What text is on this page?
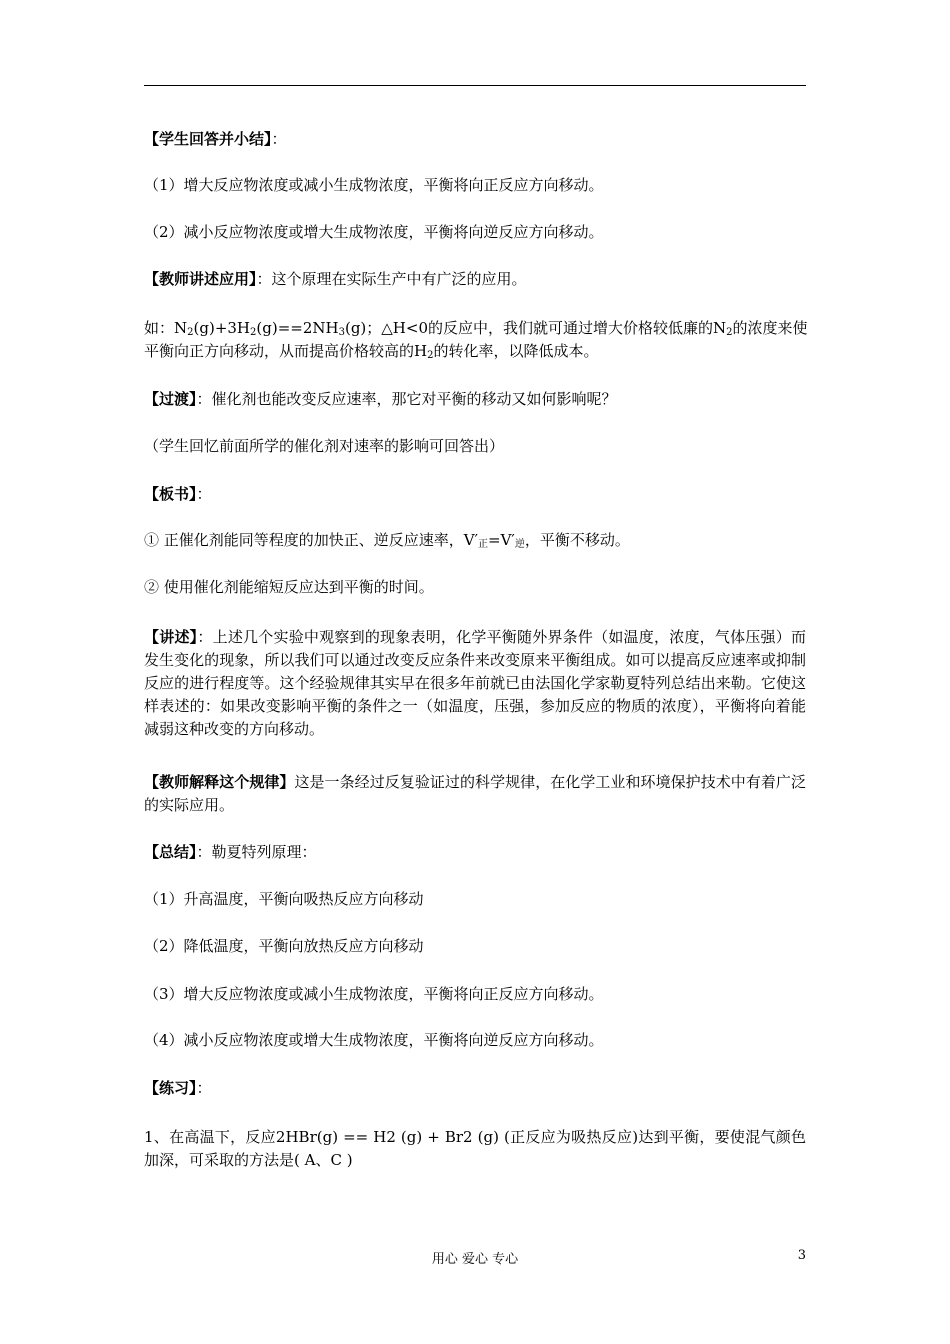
【学生回答并小结】：
（1）增大反应物浓度或减小生成物浓度，平衡将向正反应方向移动。
（2）减小反应物浓度或增大生成物浓度，平衡将向逆反应方向移动。
【教师讲述应用】：这个原理在实际生产中有广泛的应用。
如：$N_2(g)+3H_2(g)==2NH_3(g)$；△H<0的反应中，我们就可通过增大价格较低廉的$N_2$的浓度来使
平衡向正方向移动，从而提高价格较高的$H_2$的转化率，以降低成本。
【过渡】：催化剂也能改变反应速率，那它对平衡的移动又如何影响呢？
（学生回忆前面所学的催化剂对速率的影响可回答出）
【板书】：
① 正催化剂能同等程度的加快正、逆反应速率，$V'_正=V'_逆$，平衡不移动。
② 使用催化剂能缩短反应达到平衡的时间。
【讲述】：上述几个实验中观察到的现象表明，化学平衡随外界条件（如温度，浓度，气体压强）而发生变化的现象，所以我们可以通过改变反应条件来改变原来平衡组成。如可以提高反应速率或抑制反应的进行程度等。这个经验规律其实早在很多年前就已由法国化学家勒夏特列总结出来勒。它使这样表述的：如果改变影响平衡的条件之一（如温度，压强，参加反应的物质的浓度），平衡将向着能减弱这种改变的方向移动。
【教师解释这个规律】这是一条经过反复验证过的科学规律，在化学工业和环境保护技术中有着广泛的实际应用。
【总结】：勒夏特列原理：
（1）升高温度，平衡向吸热反应方向移动
（2）降低温度，平衡向放热反应方向移动
（3）增大反应物浓度或减小生成物浓度，平衡将向正反应方向移动。
（4）减小反应物浓度或增大生成物浓度，平衡将向逆反应方向移动。
【练习】：
1、在高温下，反应2HBr(g) == H2 (g) + Br2 (g) (正反应为吸热反应)达到平衡，要使混气颜色加深，可采取的方法是( A、C )
用心 爱心 专心	3
